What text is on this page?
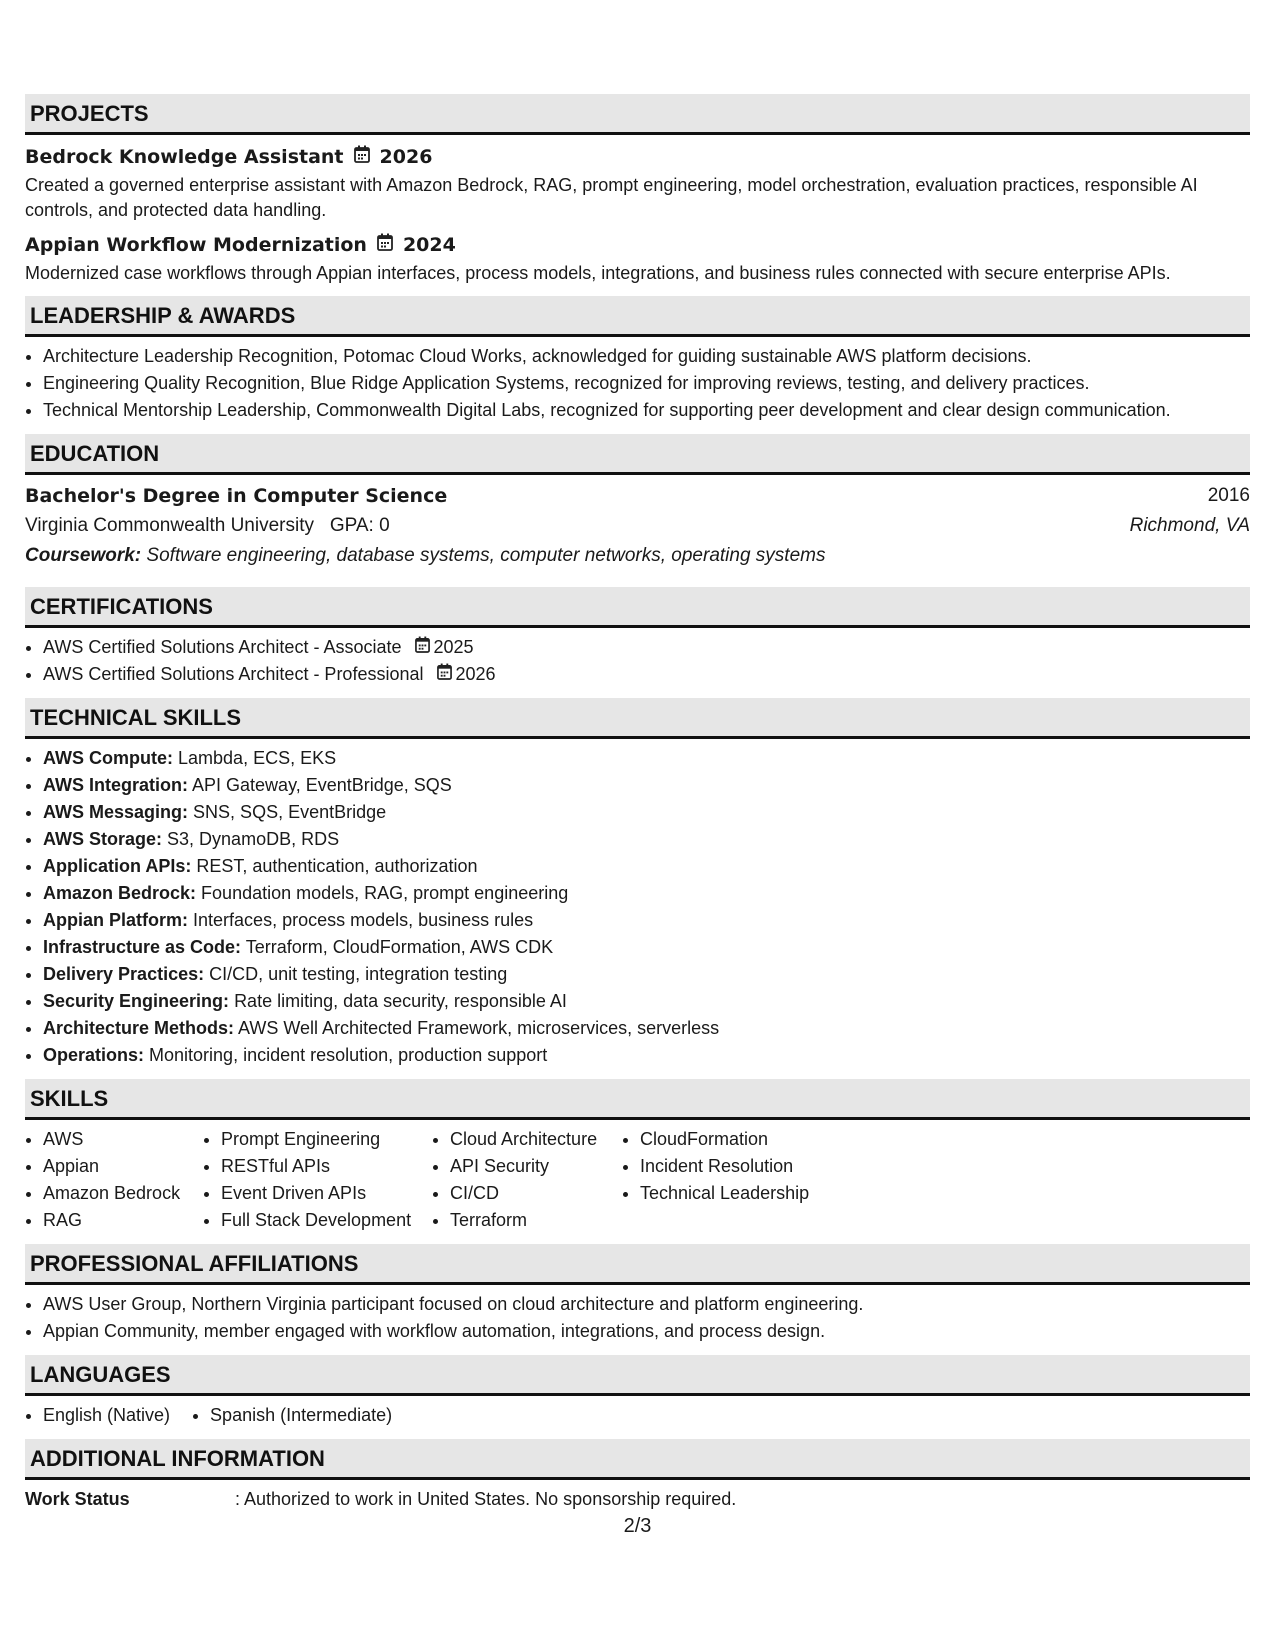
PROJECTS
Bedrock Knowledge Assistant 2026
Created a governed enterprise assistant with Amazon Bedrock, RAG, prompt engineering, model orchestration, evaluation practices, responsible AI controls, and protected data handling.
Appian Workflow Modernization 2024
Modernized case workflows through Appian interfaces, process models, integrations, and business rules connected with secure enterprise APIs.
LEADERSHIP & AWARDS
• Architecture Leadership Recognition, Potomac Cloud Works, acknowledged for guiding sustainable AWS platform decisions.
• Engineering Quality Recognition, Blue Ridge Application Systems, recognized for improving reviews, testing, and delivery practices.
• Technical Mentorship Leadership, Commonwealth Digital Labs, recognized for supporting peer development and clear design communication.
EDUCATION
Bachelor's Degree in Computer Science	2016
Virginia Commonwealth University GPA: 0	Richmond, VA
Coursework:
Software engineering, database systems, computer networks, operating systems
CERTIFICATIONS
• AWS Certified Solutions Architect - Associate 2025
• AWS Certified Solutions Architect - Professional 2026
TECHNICAL SKILLS
• AWS Compute: Lambda, ECS, EKS
• AWS Integration: API Gateway, EventBridge, SQS
• AWS Messaging: SNS, SQS, EventBridge
• AWS Storage: S3, DynamoDB, RDS
• Application APIs: REST, authentication, authorization
• Amazon Bedrock: Foundation models, RAG, prompt engineering
• Appian Platform: Interfaces, process models, business rules
• Infrastructure as Code: Terraform, CloudFormation, AWS CDK
• Delivery Practices: CI/CD, unit testing, integration testing
• Security Engineering: Rate limiting, data security, responsible AI
• Architecture Methods: AWS Well Architected Framework, microservices, serverless
• Operations: Monitoring, incident resolution, production support
SKILLS
• AWS
• Appian
• Amazon Bedrock
• RAG
• Prompt Engineering
• RESTful APIs
• Event Driven APIs
• Full Stack Development
• Cloud Architecture
• API Security
• CI/CD
• Terraform
• CloudFormation
• Incident Resolution
• Technical Leadership
PROFESSIONAL AFFILIATIONS
• AWS User Group, Northern Virginia participant focused on cloud architecture and platform engineering.
• Appian Community, member engaged with workflow automation, integrations, and process design.
LANGUAGES
• English (Native)
• Spanish (Intermediate)
ADDITIONAL INFORMATION
Work Status	: Authorized to work in United States. No sponsorship required.
2/3
